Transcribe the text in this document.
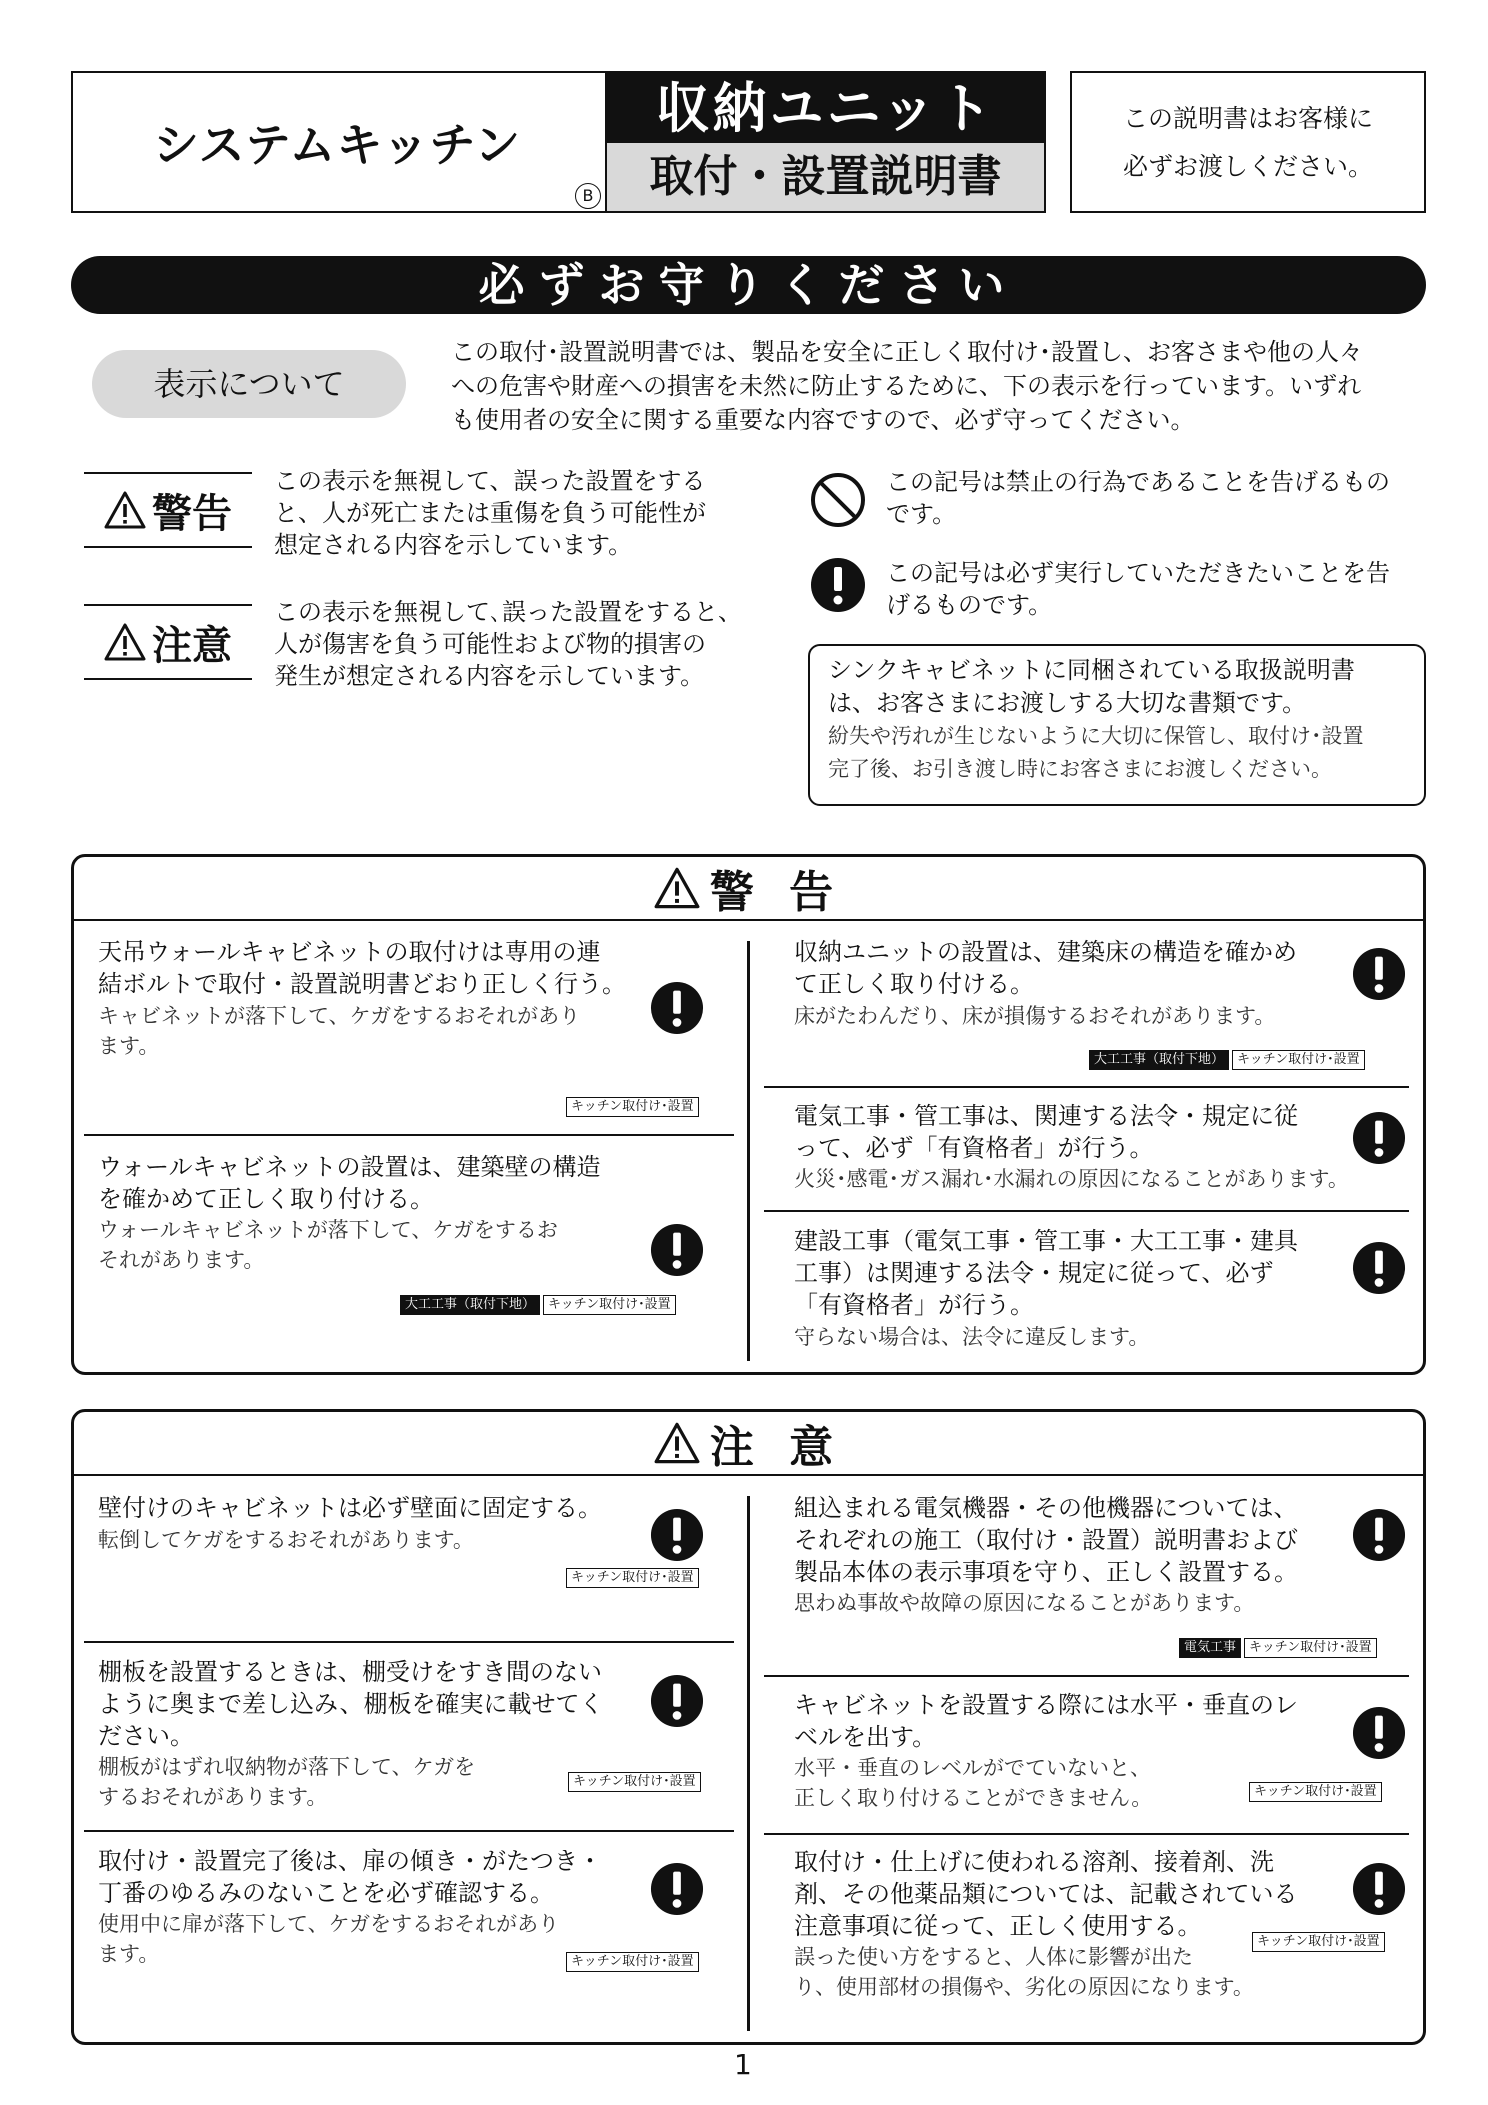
システムキッチン
B
収納ユニット
取付・設置説明書
この説明書はお客様に
必ずお渡しください。
必ずお守りください
表示について
この取付･設置説明書では、製品を安全に正しく取付け･設置し、お客さまや他の人々
への危害や財産への損害を未然に防止するために、下の表示を行っています。いずれ
も使用者の安全に関する重要な内容ですので、必ず守ってください。
警告
この表示を無視して、誤った設置をする
と、人が死亡または重傷を負う可能性が
想定される内容を示しています。
注意
この表示を無視して､誤った設置をすると、
人が傷害を負う可能性および物的損害の
発生が想定される内容を示しています。
この記号は禁止の行為であることを告げるもの
です。
この記号は必ず実行していただきたいことを告
げるものです。
シンクキャビネットに同梱されている取扱説明書
は、お客さまにお渡しする大切な書類です。
紛失や汚れが生じないように大切に保管し、取付け･設置
完了後、お引き渡し時にお客さまにお渡しください。
警 告
天吊ウォールキャビネットの取付けは専用の連
結ボルトで取付・設置説明書どおり正しく行う。
キャビネットが落下して、ケガをするおそれがあり
ます。
キッチン取付け･設置
ウォールキャビネットの設置は、建築壁の構造
を確かめて正しく取り付ける。
ウォールキャビネットが落下して、ケガをするお
それがあります。
大工工事（取付下地）	キッチン取付け･設置
収納ユニットの設置は、建築床の構造を確かめ
て正しく取り付ける。
床がたわんだり、床が損傷するおそれがあります。
大工工事（取付下地）	キッチン取付け･設置
電気工事・管工事は、関連する法令・規定に従
って、必ず「有資格者」が行う。
火災･感電･ガス漏れ･水漏れの原因になることがあります。
建設工事（電気工事・管工事・大工工事・建具
工事）は関連する法令・規定に従って、必ず
「有資格者」が行う。
守らない場合は、法令に違反します。
注 意
壁付けのキャビネットは必ず壁面に固定する。
転倒してケガをするおそれがあります。
キッチン取付け･設置
棚板を設置するときは、棚受けをすき間のない
ように奥まで差し込み、棚板を確実に載せてく
ださい。
棚板がはずれ収納物が落下して、ケガを
するおそれがあります。
キッチン取付け･設置
取付け・設置完了後は、扉の傾き・がたつき・
丁番のゆるみのないことを必ず確認する。
使用中に扉が落下して、ケガをするおそれがあり
ます。	キッチン取付け･設置
組込まれる電気機器・その他機器については、
それぞれの施工（取付け・設置）説明書および
製品本体の表示事項を守り、正しく設置する。
思わぬ事故や故障の原因になることがあります。
電気工事	キッチン取付け･設置
キャビネットを設置する際には水平・垂直のレ
ベルを出す。
水平・垂直のレベルがでていないと、
正しく取り付けることができません。	キッチン取付け･設置
取付け・仕上げに使われる溶剤、接着剤、洗
剤、その他薬品類については、記載されている
注意事項に従って、正しく使用する。
誤った使い方をすると、人体に影響が出た
り、使用部材の損傷や、劣化の原因になります。
キッチン取付け･設置
1
